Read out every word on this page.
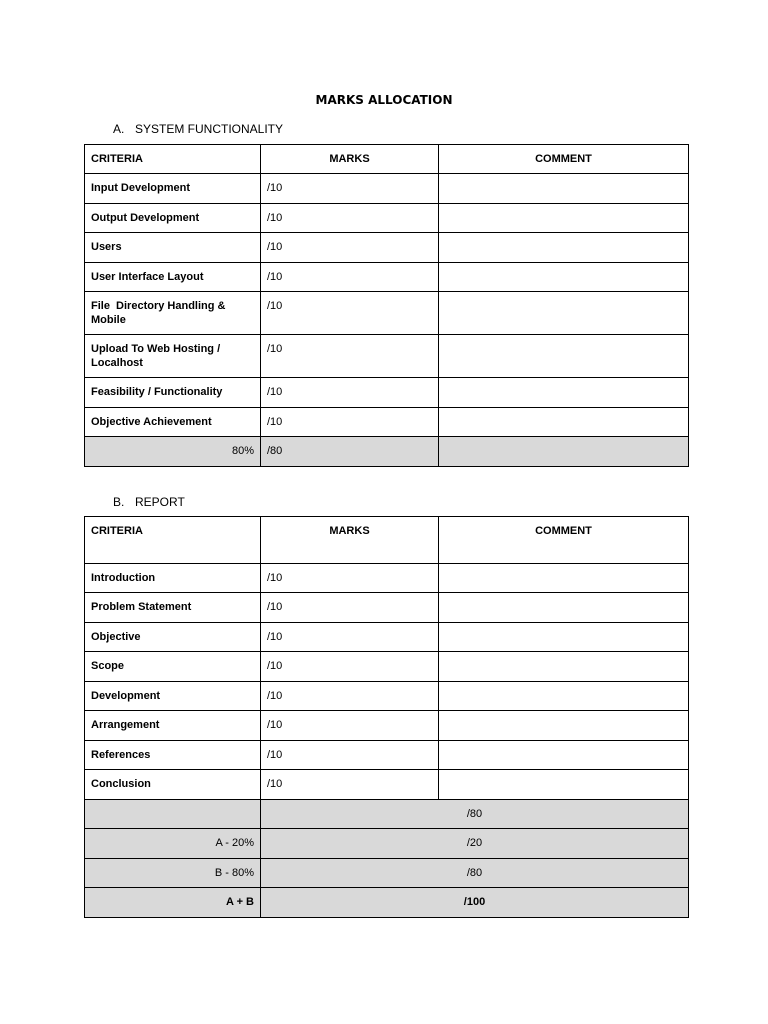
MARKS ALLOCATION
A. SYSTEM FUNCTIONALITY
CRITERIA	MARKS	COMMENT

Input Development	/10	

Output Development	/10	

Users	/10	

User Interface Layout	/10	

File  Directory Handling & Mobile	/10	

Upload To Web Hosting / Localhost	/10	

Feasibility / Functionality	/10	

Objective Achievement	/10	

80%	/80	

B. REPORT
CRITERIA	MARKS	COMMENT

Introduction	/10	

Problem Statement	/10	

Objective	/10	

Scope	/10	

Development	/10	

Arrangement	/10	

References	/10	

Conclusion	/10	

	/80	

A - 20%	/20	

B - 80%	/80	

A + B	/100	
